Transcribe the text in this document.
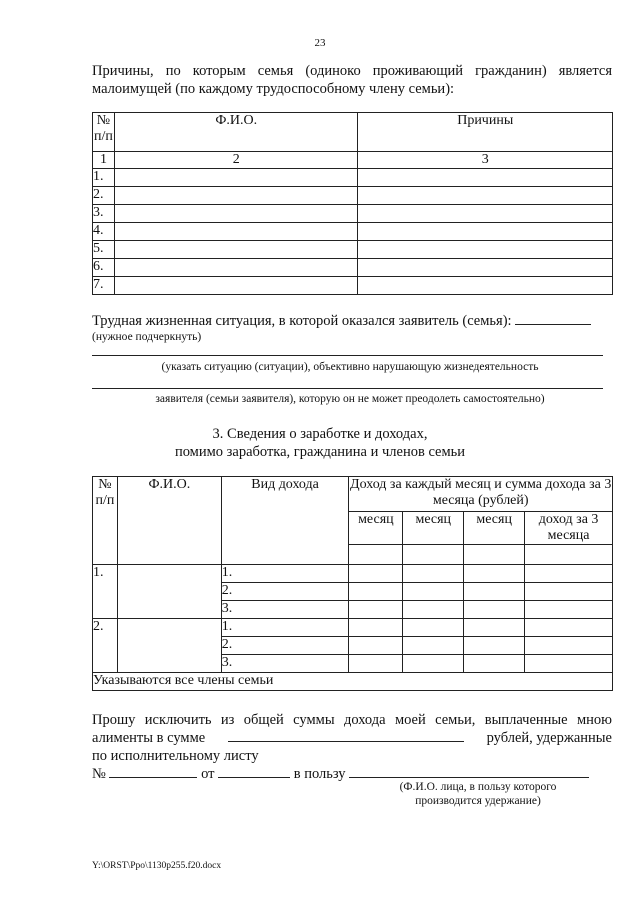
23
Причины, по которым семья (одиноко проживающий гражданин) является малоимущей (по каждому трудоспособному члену семьи):
№ п/п	Ф.И.О.	Причины
1	2	3
1.		
2.		
3.		
4.		
5.		
6.		
7.		
Трудная жизненная ситуация, в которой оказался заявитель (семья):
(нужное подчеркнуть)
(указать ситуацию (ситуации), объективно нарушающую жизнедеятельность
заявителя (семьи заявителя), которую он не может преодолеть самостоятельно)
3. Сведения о заработке и доходах,
помимо заработка, гражданина и членов семьи
№ п/п	Ф.И.О.	Вид дохода	Доход за каждый месяц и сумма дохода за 3 месяца (рублей)			
			месяц	месяц	месяц	доход за 3 месяца

1.		1.				
		2.				
		3.				
2.		1.				
		2.				
		3.				
Указываются все члены семьи						
Прошу исключить из общей суммы дохода моей семьи, выплаченные мною
алименты в сумме	рублей, удержанные
по исполнительному листу
№	от	в пользу
(Ф.И.О. лица, в пользу которого
производится удержание)
Y:\ORST\Ppo\1130p255.f20.docx
